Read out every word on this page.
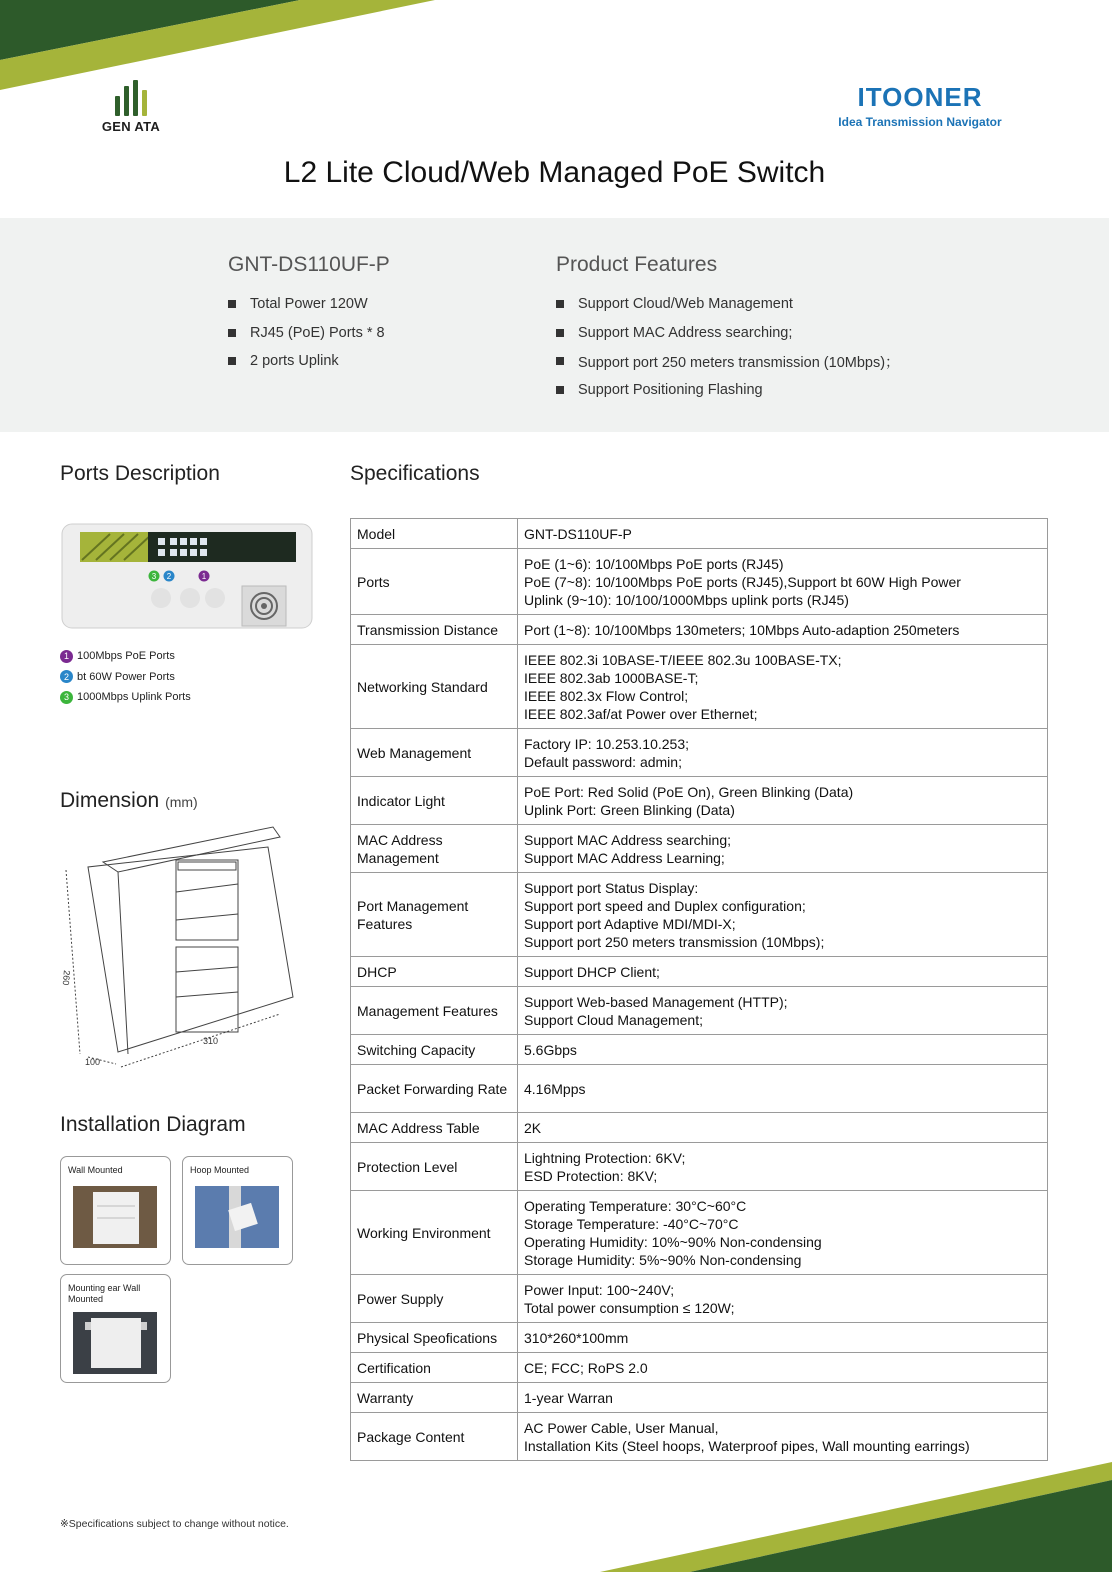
GEN ATA
ITOONER
Idea Transmission Navigator
L2 Lite Cloud/Web Managed PoE Switch
GNT-DS110UF-P	Product Features
Total Power 120W
RJ45 (PoE) Ports * 8
2 ports Uplink
Support Cloud/Web Management
Support MAC Address searching;
Support port 250 meters transmission (10Mbps)；
Support Positioning Flashing
Ports Description
3 2	1
1 100Mbps PoE Ports
2 bt 60W Power Ports
3 1000Mbps Uplink Ports
Dimension (mm)
260
310
100
Installation Diagram
Wall Mounted	Hoop Mounted
Mounting ear Wall Mounted
Specifications
Model	GNT-DS110UF-P
Ports	PoE (1~6): 10/100Mbps PoE ports (RJ45)
PoE (7~8): 10/100Mbps PoE ports (RJ45),Support bt 60W High Power
Uplink (9~10): 10/100/1000Mbps uplink ports (RJ45)
Transmission Distance	Port (1~8): 10/100Mbps 130meters; 10Mbps Auto-adaption 250meters
Networking Standard	IEEE 802.3i 10BASE-T/IEEE 802.3u 100BASE-TX;
IEEE 802.3ab 1000BASE-T;
IEEE 802.3x Flow Control;
IEEE 802.3af/at Power over Ethernet;
Web Management	Factory IP: 10.253.10.253;
Default password: admin;
Indicator Light	PoE Port: Red Solid (PoE On), Green Blinking (Data)
Uplink Port: Green Blinking (Data)
MAC Address Management	Support MAC Address searching;
Support MAC Address Learning;
Port Management Features	Support port Status Display:
Support port speed and Duplex configuration;
Support port Adaptive MDI/MDI-X;
Support port 250 meters transmission (10Mbps);
DHCP	Support DHCP Client;
Management Features	Support Web-based Management (HTTP);
Support Cloud Management;
Switching Capacity	5.6Gbps
Packet Forwarding Rate	4.16Mpps
MAC Address Table	2K
Protection Level	Lightning Protection: 6KV;
ESD Protection: 8KV;
Working Environment	Operating Temperature: 30°C~60°C
Storage Temperature: -40°C~70°C
Operating Humidity: 10%~90% Non-condensing
Storage Humidity: 5%~90% Non-condensing
Power Supply	Power Input: 100~240V;
Total power consumption ≤ 120W;
Physical Speofications	310*260*100mm
Certification	CE; FCC; RoPS 2.0
Warranty	1-year Warran
Package Content	AC Power Cable, User Manual,
Installation Kits (Steel hoops, Waterproof pipes, Wall mounting earrings)
※Specifications subject to change without notice.
